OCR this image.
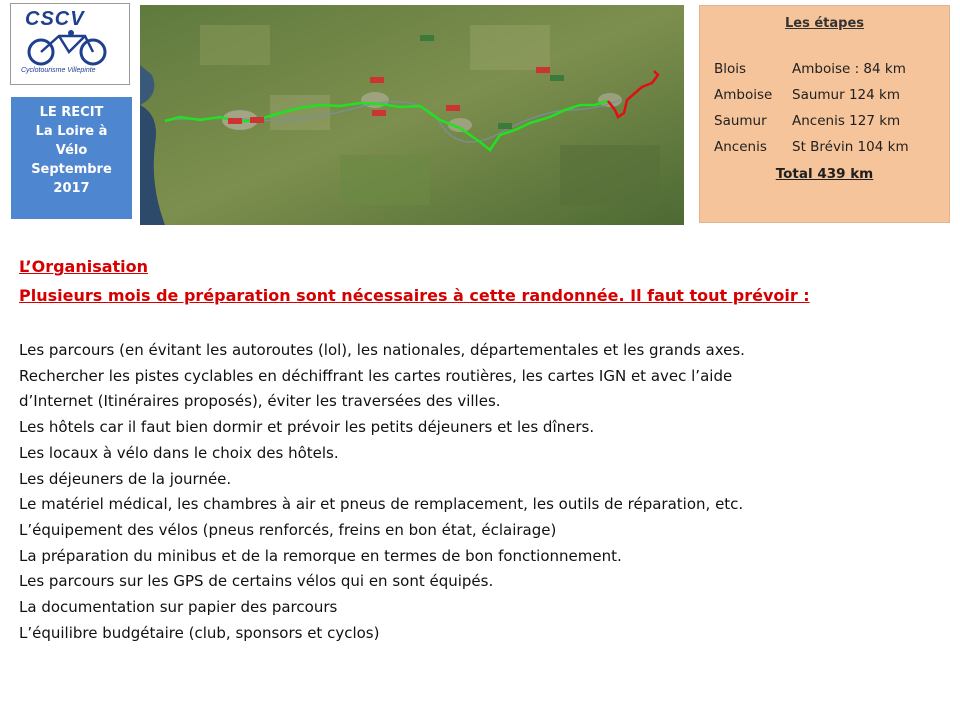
CSCV
Cyclotourisme Villepinte
LE RECIT
La Loire à
Vélo
Septembre
2017
Les étapes
Blois	Amboise : 84 km
Amboise Saumur 124 km
Saumur Ancenis 127 km
Ancenis St Brévin 104 km
Total 439 km
L’Organisation
Plusieurs mois de préparation sont nécessaires à cette randonnée. Il faut tout prévoir :
Les parcours (en évitant les autoroutes (lol), les nationales, départementales et les grands axes.
Rechercher les pistes cyclables en déchiffrant les cartes routières, les cartes IGN et avec l’aide
d’Internet (Itinéraires proposés), éviter les traversées des villes.
Les hôtels car il faut bien dormir et prévoir les petits déjeuners et les dîners.
Les locaux à vélo dans le choix des hôtels.
Les déjeuners de la journée.
Le matériel médical, les chambres à air et pneus de remplacement, les outils de réparation, etc.
L’équipement des vélos (pneus renforcés, freins en bon état, éclairage)
La préparation du minibus et de la remorque en termes de bon fonctionnement.
Les parcours sur les GPS de certains vélos qui en sont équipés.
La documentation sur papier des parcours
L’équilibre budgétaire (club, sponsors et cyclos)
